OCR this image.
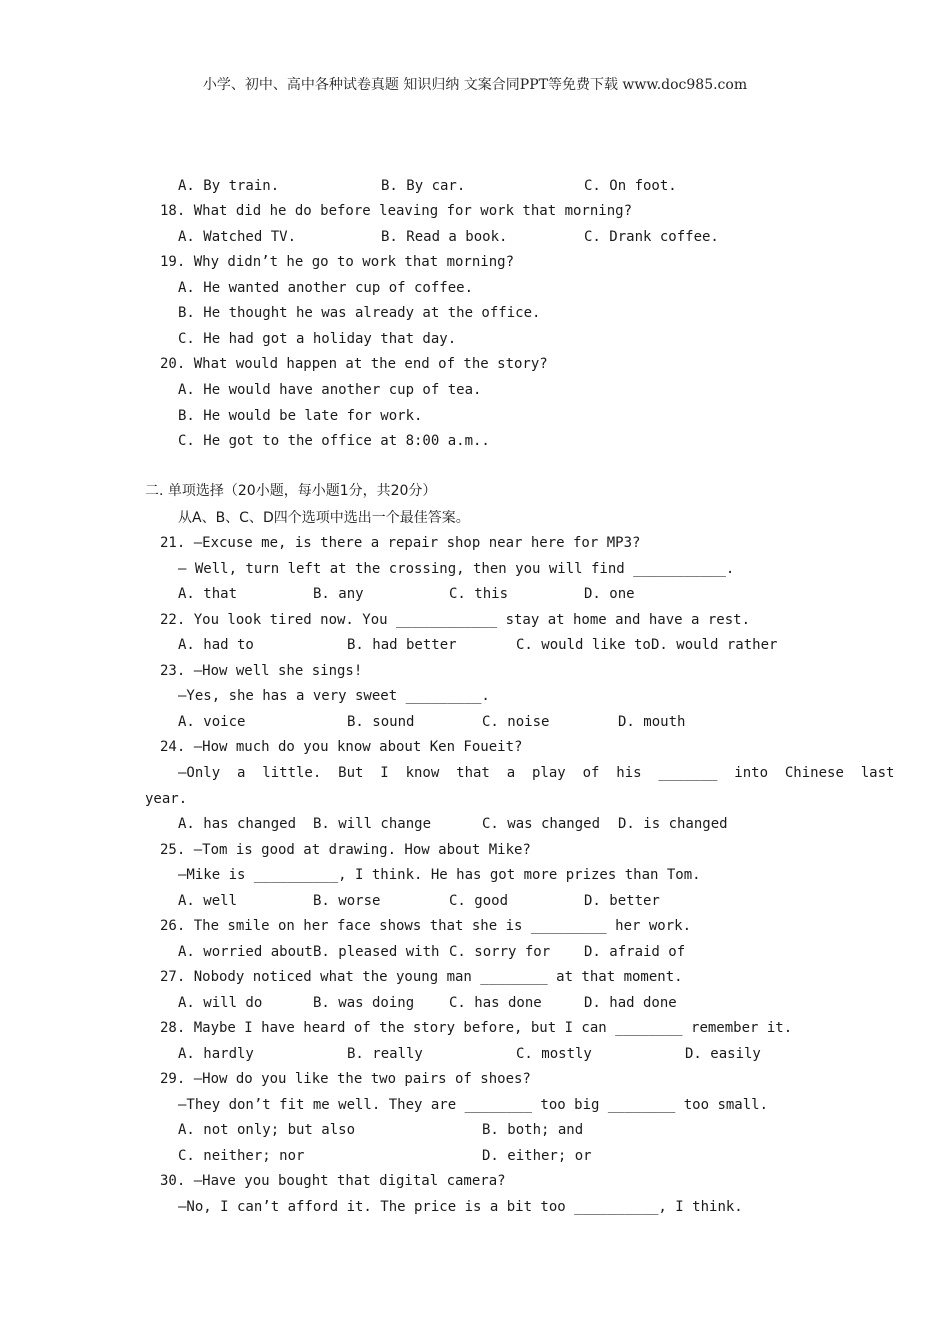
小学、初中、高中各种试卷真题 知识归纳 文案合同PPT等免费下载 www.doc985.com
A. By train.	B. By car.	C. On foot.
18. What did he do before leaving for work that morning?
A. Watched TV.	B. Read a book.	C. Drank coffee.
19. Why didn’t he go to work that morning?
A. He wanted another cup of coffee.
B. He thought he was already at the office.
C. He had got a holiday that day.
20. What would happen at the end of the story?
A. He would have another cup of tea.
B. He would be late for work.
C. He got to the office at 8:00 a.m..
二. 单项选择（20小题，每小题1分，共20分）
从A、B、C、D四个选项中选出一个最佳答案。
21. —Excuse me, is there a repair shop near here for MP3?
— Well, turn left at the crossing, then you will find ___________.
A. that	B. any	C. this	D. one
22. You look tired now. You ____________ stay at home and have a rest.
A. had to	B. had better	C. would like to D. would rather
23. —How well she sings!
—Yes, she has a very sweet _________.
A. voice	B. sound	C. noise	D. mouth
24. —How much do you know about Ken Foueit?
—Only  a  little.  But  I  know  that  a  play  of  his  _______  into  Chinese  last
year.
A. has changed B. will change	C. was changed D. is changed
25. —Tom is good at drawing. How about Mike?
—Mike is __________, I think. He has got more prizes than Tom.
A. well	B. worse	C. good	D. better
26. The smile on her face shows that she is _________ her work.
A. worried about B. pleased with C. sorry for D. afraid of
27. Nobody noticed what the young man ________ at that moment.
A. will do	B. was doing C. has done	D. had done
28. Maybe I have heard of the story before, but I can ________ remember it.
A. hardly	B. really	C. mostly	D. easily
29. —How do you like the two pairs of shoes?
—They don’t fit me well. They are ________ too big ________ too small.
A. not only; but also	B. both; and
C. neither; nor	D. either; or
30. —Have you bought that digital camera?
—No, I can’t afford it. The price is a bit too __________, I think.
